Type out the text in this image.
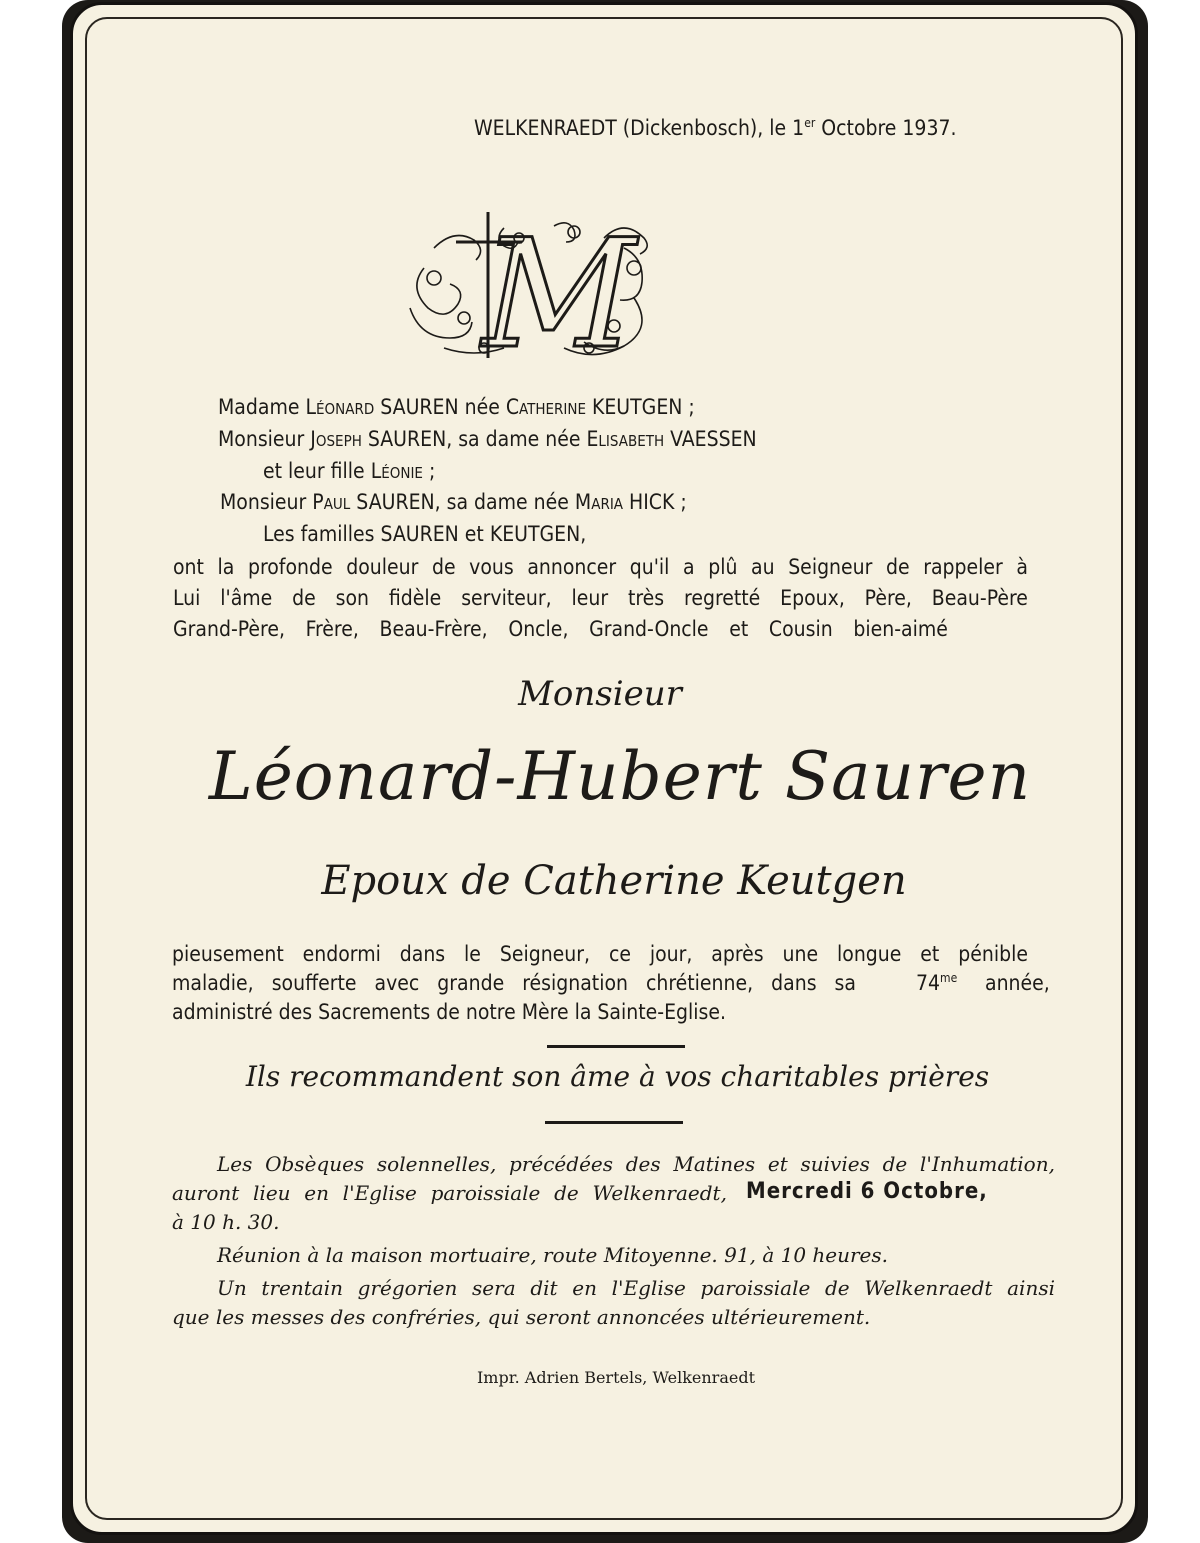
WELKENRAEDT (Dickenbosch), le 1er Octobre 1937.
M
Madame Léonard SAUREN née Catherine KEUTGEN ;
Monsieur Joseph SAUREN, sa dame née Elisabeth VAESSEN
et leur fille Léonie ;
Monsieur Paul SAUREN, sa dame née Maria HICK ;
Les familles SAUREN et KEUTGEN,
ont la profonde douleur de vous annoncer qu'il a plû au Seigneur de rappeler à
Lui l'âme de son fidèle serviteur, leur très regretté Epoux, Père, Beau-Père
Grand-Père, Frère, Beau-Frère, Oncle, Grand-Oncle et Cousin bien-aimé
Monsieur
Léonard-Hubert Sauren
Epoux de Catherine Keutgen
pieusement endormi dans le Seigneur, ce jour, après une longue et pénible
maladie, soufferte avec grande résignation chrétienne, dans sa	$74^{me}$ année,
administré des Sacrements de notre Mère la Sainte-Eglise.
Ils recommandent son âme à vos charitables prières
Les Obsèques solennelles, précédées des Matines et suivies de l'Inhumation,
auront lieu en l'Eglise paroissiale de Welkenraedt, Mercredi 6 Octobre,
à 10 h. 30.
Réunion à la maison mortuaire, route Mitoyenne. 91, à 10 heures.
Un trentain grégorien sera dit en l'Eglise paroissiale de Welkenraedt ainsi
que les messes des confréries, qui seront annoncées ultérieurement.
Impr. Adrien Bertels, Welkenraedt
